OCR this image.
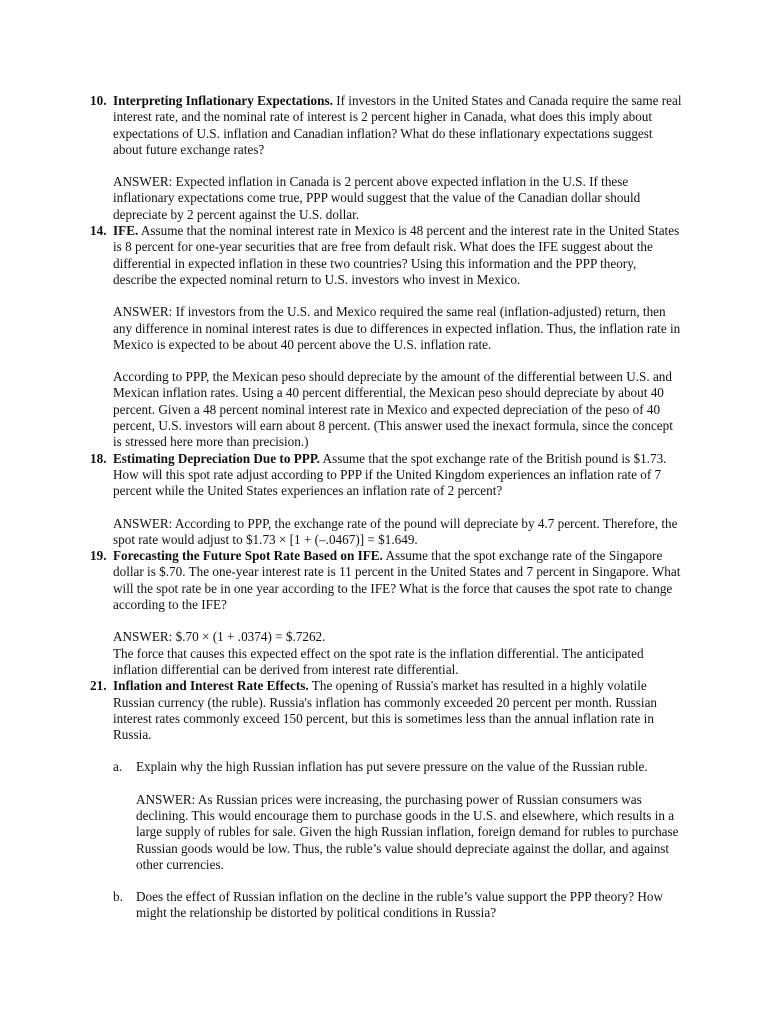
10. Interpreting Inflationary Expectations. If investors in the United States and Canada require the same real interest rate, and the nominal rate of interest is 2 percent higher in Canada, what does this imply about expectations of U.S. inflation and Canadian inflation? What do these inflationary expectations suggest about future exchange rates?

ANSWER: Expected inflation in Canada is 2 percent above expected inflation in the U.S. If these inflationary expectations come true, PPP would suggest that the value of the Canadian dollar should depreciate by 2 percent against the U.S. dollar.

14. IFE. Assume that the nominal interest rate in Mexico is 48 percent and the interest rate in the United States is 8 percent for one-year securities that are free from default risk. What does the IFE suggest about the differential in expected inflation in these two countries? Using this information and the PPP theory, describe the expected nominal return to U.S. investors who invest in Mexico.

ANSWER: If investors from the U.S. and Mexico required the same real (inflation-adjusted) return, then any difference in nominal interest rates is due to differences in expected inflation. Thus, the inflation rate in Mexico is expected to be about 40 percent above the U.S. inflation rate.

According to PPP, the Mexican peso should depreciate by the amount of the differential between U.S. and Mexican inflation rates. Using a 40 percent differential, the Mexican peso should depreciate by about 40 percent. Given a 48 percent nominal interest rate in Mexico and expected depreciation of the peso of 40 percent, U.S. investors will earn about 8 percent. (This answer used the inexact formula, since the concept is stressed here more than precision.)

18. Estimating Depreciation Due to PPP. Assume that the spot exchange rate of the British pound is $1.73. How will this spot rate adjust according to PPP if the United Kingdom experiences an inflation rate of 7 percent while the United States experiences an inflation rate of 2 percent?

ANSWER: According to PPP, the exchange rate of the pound will depreciate by 4.7 percent. Therefore, the spot rate would adjust to $1.73 × [1 + (–.0467)] = $1.649.

19. Forecasting the Future Spot Rate Based on IFE. Assume that the spot exchange rate of the Singapore dollar is $.70. The one-year interest rate is 11 percent in the United States and 7 percent in Singapore. What will the spot rate be in one year according to the IFE? What is the force that causes the spot rate to change according to the IFE?

ANSWER: $.70 × (1 + .0374) = $.7262.

The force that causes this expected effect on the spot rate is the inflation differential. The anticipated inflation differential can be derived from interest rate differential.

21. Inflation and Interest Rate Effects. The opening of Russia's market has resulted in a highly volatile Russian currency (the ruble). Russia's inflation has commonly exceeded 20 percent per month. Russian interest rates commonly exceed 150 percent, but this is sometimes less than the annual inflation rate in Russia.

a. Explain why the high Russian inflation has put severe pressure on the value of the Russian ruble.

ANSWER: As Russian prices were increasing, the purchasing power of Russian consumers was declining. This would encourage them to purchase goods in the U.S. and elsewhere, which results in a large supply of rubles for sale. Given the high Russian inflation, foreign demand for rubles to purchase Russian goods would be low. Thus, the ruble’s value should depreciate against the dollar, and against other currencies.

b. Does the effect of Russian inflation on the decline in the ruble’s value support the PPP theory? How might the relationship be distorted by political conditions in Russia?
